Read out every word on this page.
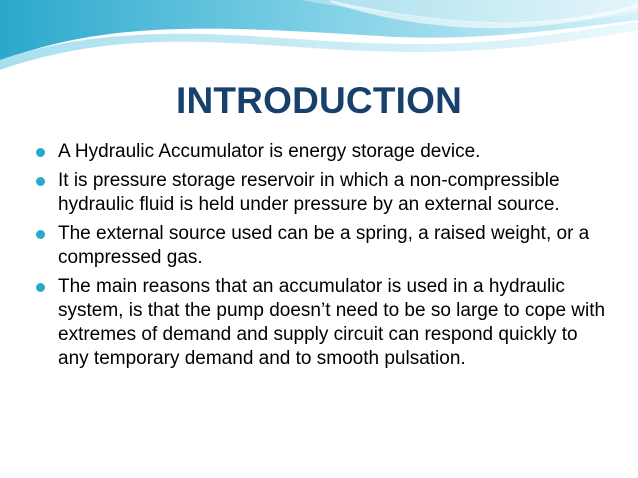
INTRODUCTION
A Hydraulic Accumulator is energy storage device.
It is pressure storage reservoir in which a non-compressible hydraulic fluid is held under pressure by an external source.
The external source used can be a spring, a raised weight, or a compressed gas.
The main reasons that an accumulator is used in a hydraulic system, is that the pump doesn’t need to be so large to cope with extremes of demand and supply circuit can respond quickly to any temporary demand and to smooth pulsation.
